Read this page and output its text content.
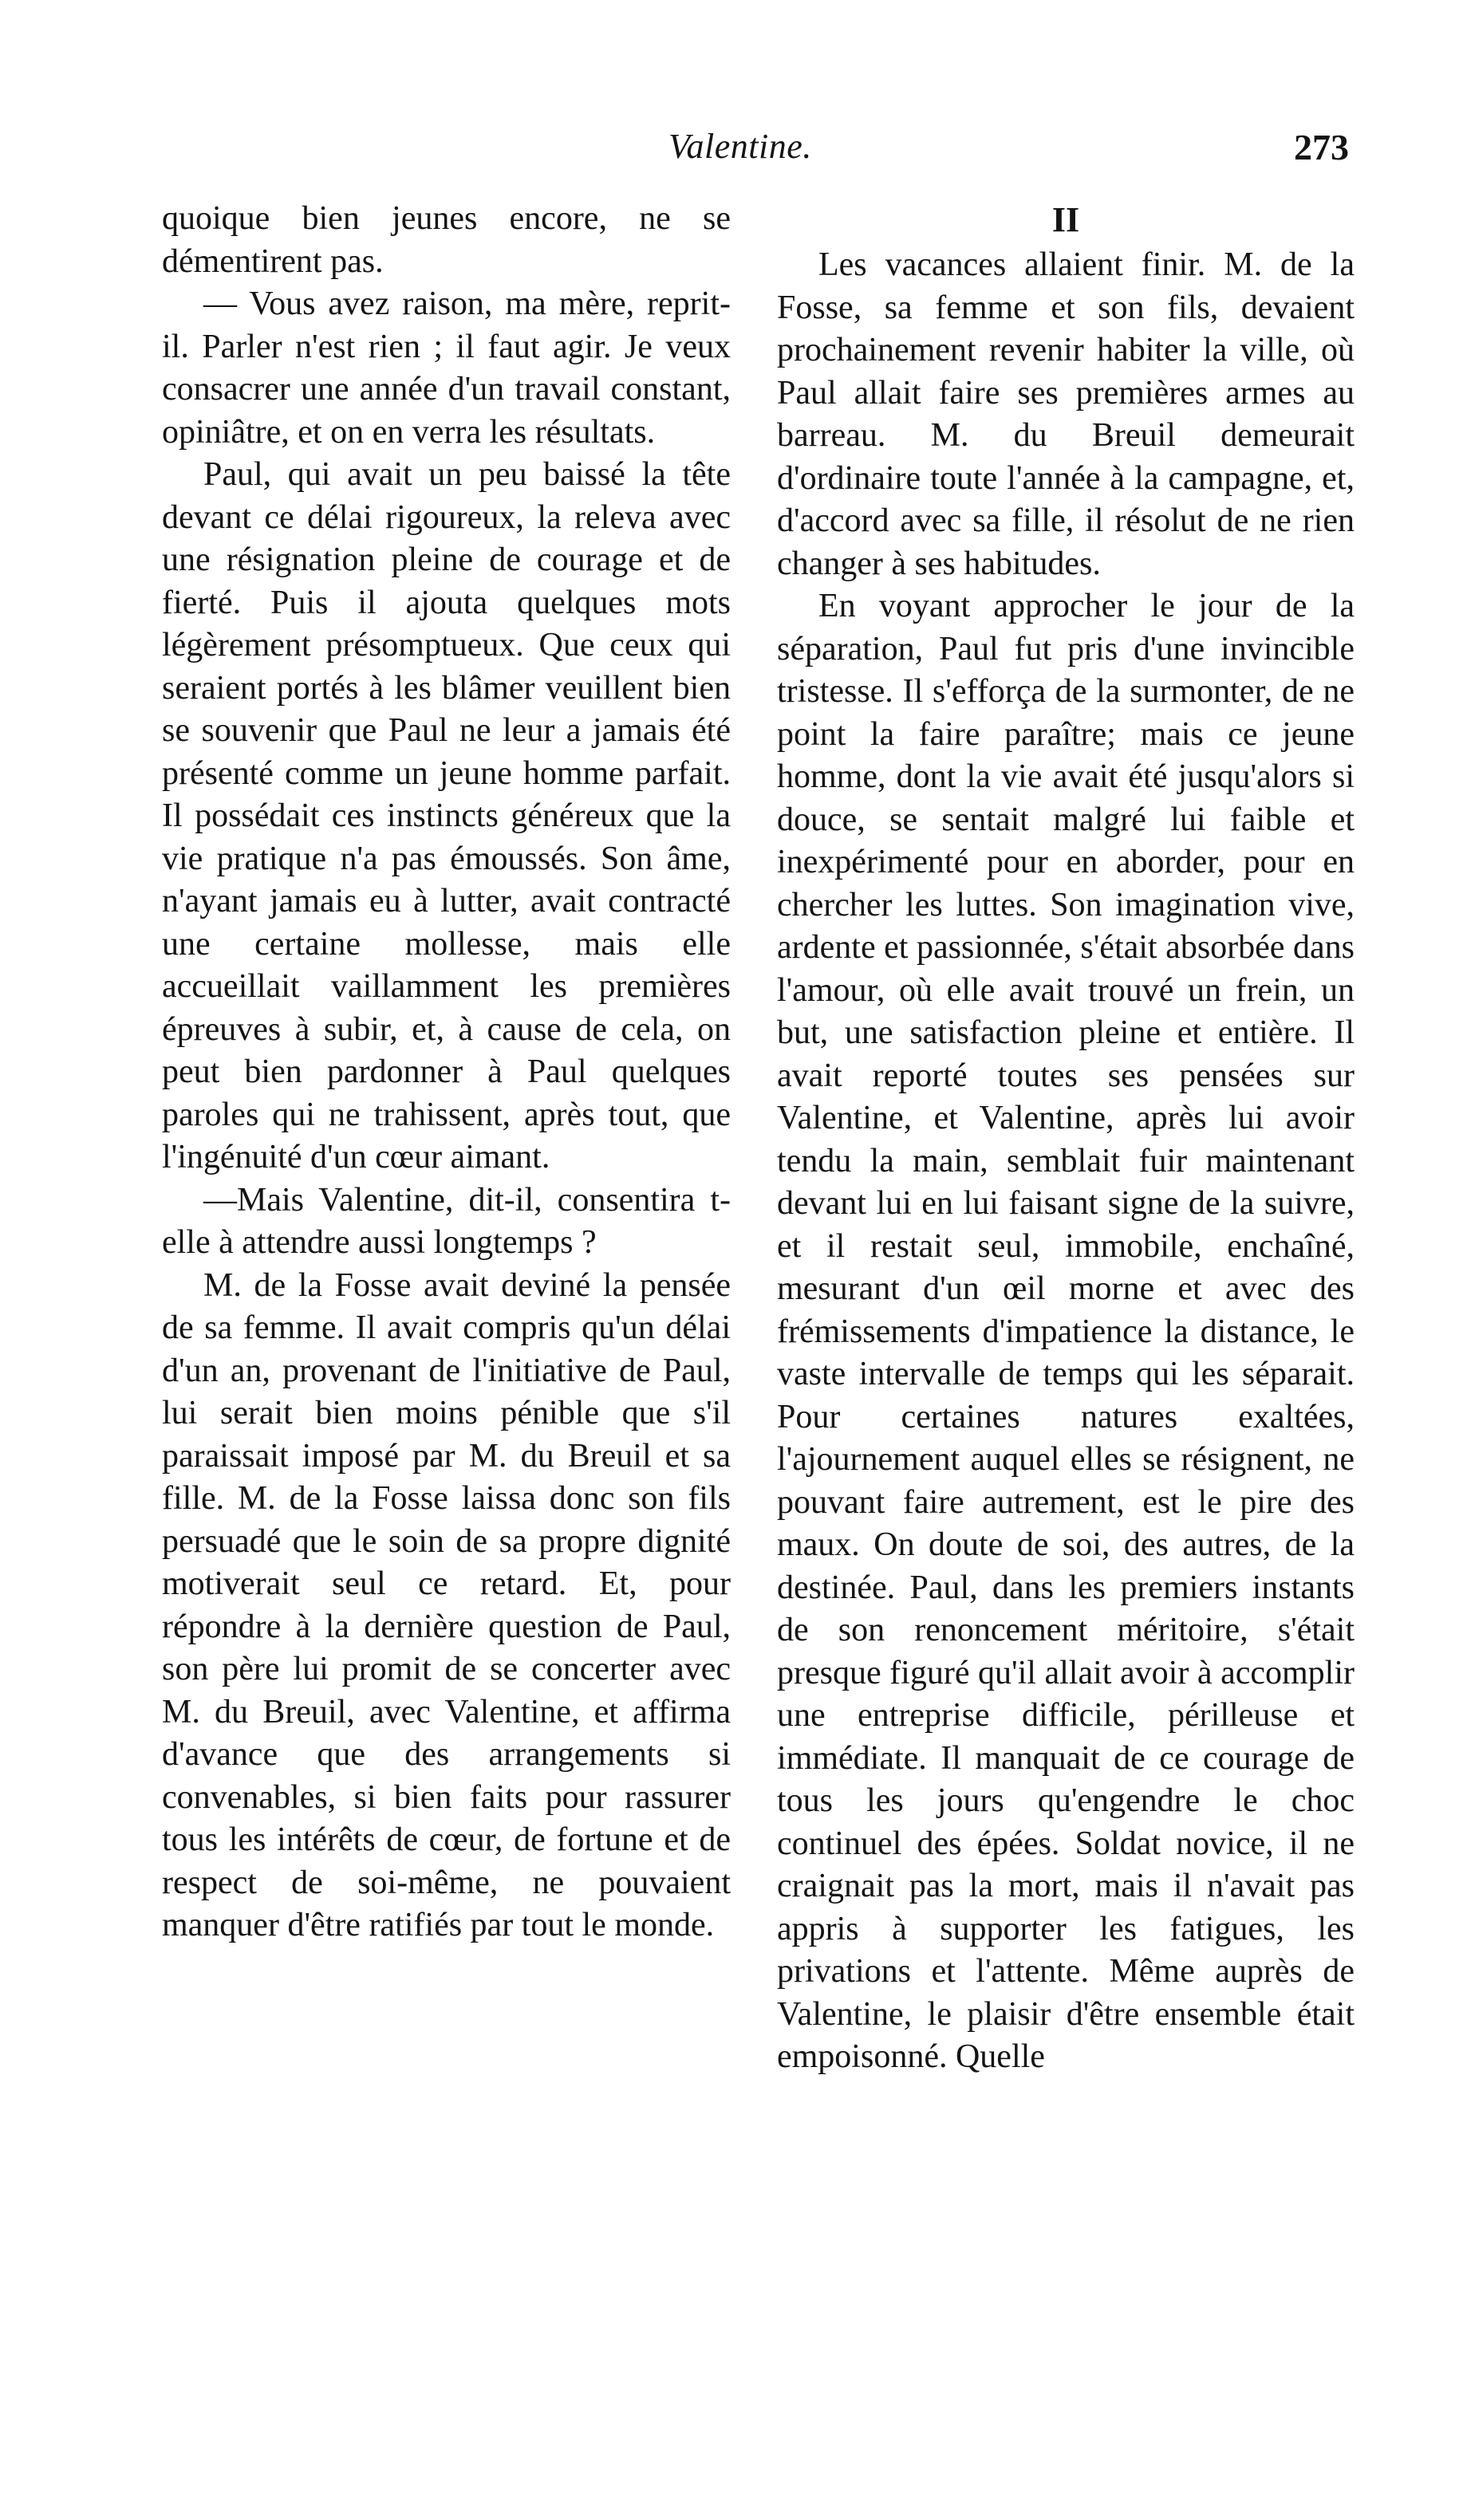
Valentine.	273

quoique bien jeunes encore, ne se démentirent pas.

— Vous avez raison, ma mère, reprit-il. Parler n'est rien ; il faut agir. Je veux consacrer une année d'un travail constant, opiniâtre, et on en verra les résultats.

Paul, qui avait un peu baissé la tête devant ce délai rigoureux, la releva avec une résignation pleine de courage et de fierté. Puis il ajouta quelques mots légèrement présomptueux. Que ceux qui seraient portés à les blâmer veuillent bien se souvenir que Paul ne leur a jamais été présenté comme un jeune homme parfait. Il possédait ces instincts généreux que la vie pratique n'a pas émoussés. Son âme, n'ayant jamais eu à lutter, avait contracté une certaine mollesse, mais elle accueillait vaillamment les premières épreuves à subir, et, à cause de cela, on peut bien pardonner à Paul quelques paroles qui ne trahissent, après tout, que l'ingénuité d'un cœur aimant.

—Mais Valentine, dit-il, consentira t-elle à attendre aussi longtemps ?

M. de la Fosse avait deviné la pensée de sa femme. Il avait compris qu'un délai d'un an, provenant de l'initiative de Paul, lui serait bien moins pénible que s'il paraissait imposé par M. du Breuil et sa fille. M. de la Fosse laissa donc son fils persuadé que le soin de sa propre dignité motiverait seul ce retard. Et, pour répondre à la dernière question de Paul, son père lui promit de se concerter avec M. du Breuil, avec Valentine, et affirma d'avance que des arrangements si convenables, si bien faits pour rassurer tous les intérêts de cœur, de fortune et de respect de soi-même, ne pouvaient manquer d'être ratifiés par tout le monde.

II

Les vacances allaient finir. M. de la Fosse, sa femme et son fils, devaient prochainement revenir habiter la ville, où Paul allait faire ses premières armes au barreau. M. du Breuil demeurait d'ordinaire toute l'année à la campagne, et, d'accord avec sa fille, il résolut de ne rien changer à ses habitudes.

En voyant approcher le jour de la séparation, Paul fut pris d'une invincible tristesse. Il s'efforça de la surmonter, de ne point la faire paraître; mais ce jeune homme, dont la vie avait été jusqu'alors si douce, se sentait malgré lui faible et inexpérimenté pour en aborder, pour en chercher les luttes. Son imagination vive, ardente et passionnée, s'était absorbée dans l'amour, où elle avait trouvé un frein, un but, une satisfaction pleine et entière. Il avait reporté toutes ses pensées sur Valentine, et Valentine, après lui avoir tendu la main, semblait fuir maintenant devant lui en lui faisant signe de la suivre, et il restait seul, immobile, enchaîné, mesurant d'un œil morne et avec des frémissements d'impatience la distance, le vaste intervalle de temps qui les séparait. Pour certaines natures exaltées, l'ajournement auquel elles se résignent, ne pouvant faire autrement, est le pire des maux. On doute de soi, des autres, de la destinée. Paul, dans les premiers instants de son renoncement méritoire, s'était presque figuré qu'il allait avoir à accomplir une entreprise difficile, périlleuse et immédiate. Il manquait de ce courage de tous les jours qu'engendre le choc continuel des épées. Soldat novice, il ne craignait pas la mort, mais il n'avait pas appris à supporter les fatigues, les privations et l'attente. Même auprès de Valentine, le plaisir d'être ensemble était empoisonné. Quelle
